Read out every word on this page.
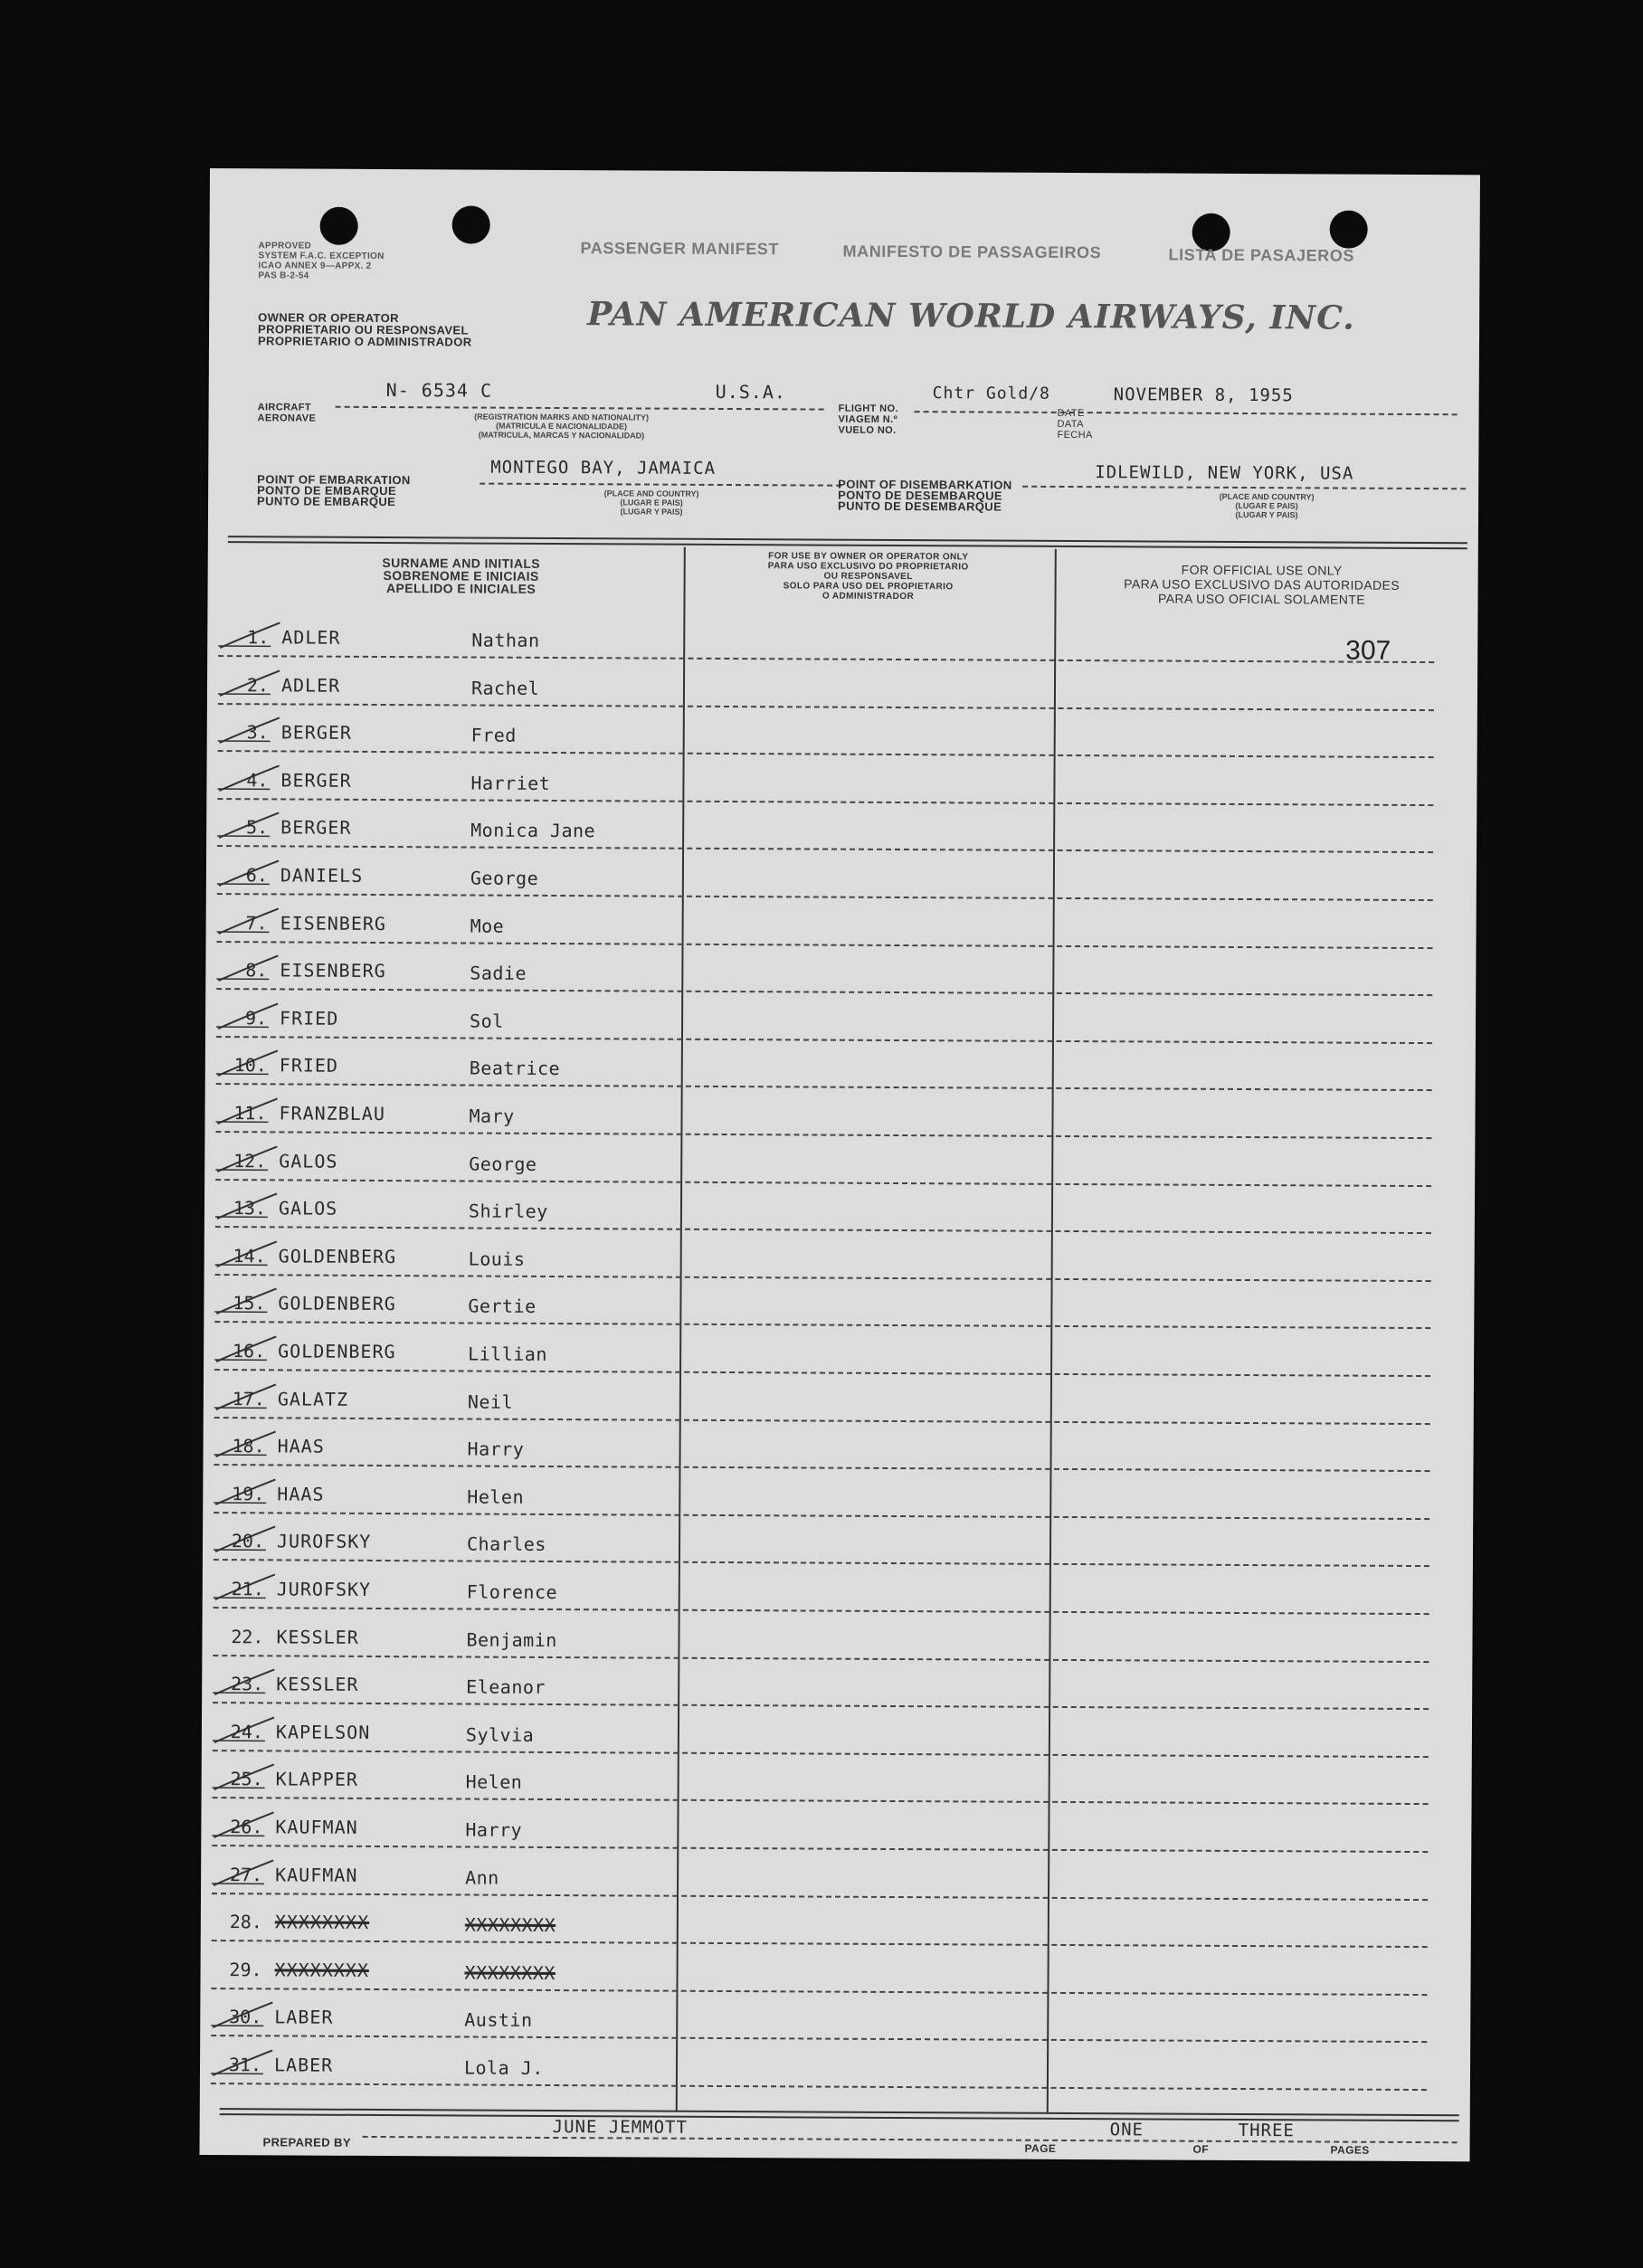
APPROVED
SYSTEM F.A.C. EXCEPTION
ICAO ANNEX 9—APPX. 2
PAS B-2-54
PASSENGER MANIFEST	MANIFESTO DE PASSAGEIROS	LISTA DE PASAJEROS
OWNER OR OPERATOR
PROPRIETARIO OU RESPONSAVEL
PROPRIETARIO O ADMINISTRADOR
PAN AMERICAN WORLD AIRWAYS, INC.
AIRCRAFT
AERONAVE
N- 6534 C	U.S.A.
(REGISTRATION MARKS AND NATIONALITY)
(MATRICULA E NACIONALIDADE)
(MATRICULA, MARCAS Y NACIONALIDAD)
FLIGHT NO.
VIAGEM N.º
VUELO NO.
Chtr Gold/8
DATE
DATA
FECHA
NOVEMBER 8, 1955
POINT OF EMBARKATION
PONTO DE EMBARQUE
PUNTO DE EMBARQUE
MONTEGO BAY, JAMAICA
(PLACE AND COUNTRY)
(LUGAR E PAIS)
(LUGAR Y PAIS)
POINT OF DISEMBARKATION
PONTO DE DESEMBARQUE
PUNTO DE DESEMBARQUE
IDLEWILD, NEW YORK, USA
(PLACE AND COUNTRY)
(LUGAR E PAIS)
(LUGAR Y PAIS)
SURNAME AND INITIALS
SOBRENOME E INICIAIS
APELLIDO E INICIALES
FOR USE BY OWNER OR OPERATOR ONLY
PARA USO EXCLUSIVO DO PROPRIETARIO
OU RESPONSAVEL
SOLO PARA USO DEL PROPIETARIO
O ADMINISTRADOR
FOR OFFICIAL USE ONLY
PARA USO EXCLUSIVO DAS AUTORIDADES
PARA USO OFICIAL SOLAMENTE
307
1. ADLER	Nathan
2. ADLER	Rachel
3. BERGER	Fred
4. BERGER	Harriet
5. BERGER	Monica Jane
6. DANIELS	George
7. EISENBERG	Moe
8. EISENBERG	Sadie
9. FRIED	Sol
10. FRIED	Beatrice
11. FRANZBLAU	Mary
12. GALOS	George
13. GALOS	Shirley
14. GOLDENBERG	Louis
15. GOLDENBERG	Gertie
16. GOLDENBERG	Lillian
17. GALATZ	Neil
18. HAAS	Harry
19. HAAS	Helen
20. JUROFSKY	Charles
21. JUROFSKY	Florence
22. KESSLER	Benjamin
23. KESSLER	Eleanor
24. KAPELSON	Sylvia
25. KLAPPER	Helen
26. KAUFMAN	Harry
27. KAUFMAN	Ann
28. XXXXXXXX	XXXXXXXX
29. XXXXXXXX	XXXXXXXX
30. LABER	Austin
31. LABER	Lola J.
PREPARED BY
JUNE JEMMOTT
PAGE
ONE
OF
THREE
PAGES
